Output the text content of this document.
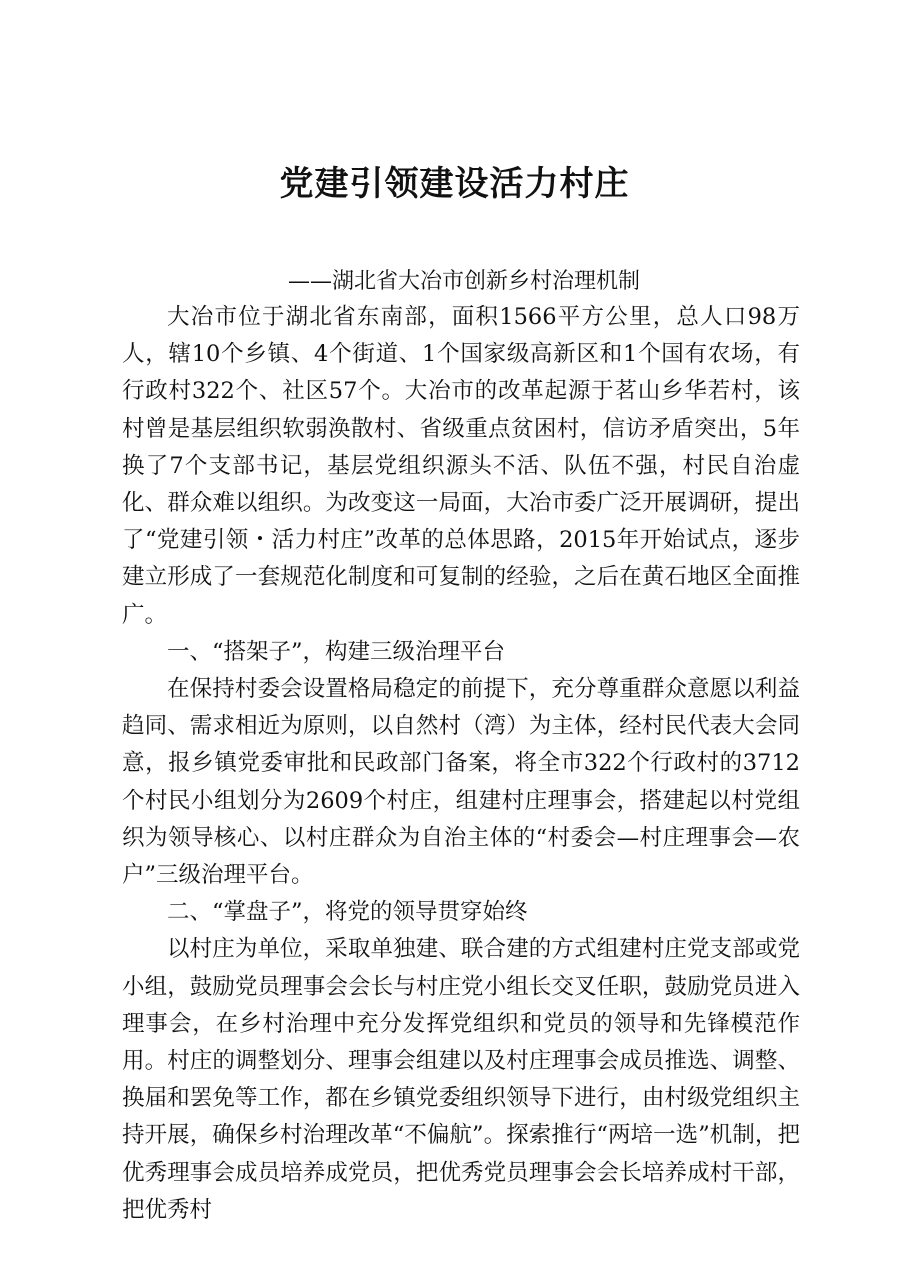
党建引领建设活力村庄

——湖北省大冶市创新乡村治理机制

大冶市位于湖北省东南部，面积1566平方公里，总人口98万人，辖10个乡镇、4个街道、1个国家级高新区和1个国有农场，有行政村322个、社区57个。大冶市的改革起源于茗山乡华若村，该村曾是基层组织软弱涣散村、省级重点贫困村，信访矛盾突出，5年换了7个支部书记，基层党组织源头不活、队伍不强，村民自治虚化、群众难以组织。为改变这一局面，大冶市委广泛开展调研，提出了“党建引领・活力村庄”改革的总体思路，2015年开始试点，逐步建立形成了一套规范化制度和可复制的经验，之后在黄石地区全面推广。

一、“搭架子”，构建三级治理平台

在保持村委会设置格局稳定的前提下，充分尊重群众意愿以利益趋同、需求相近为原则，以自然村（湾）为主体，经村民代表大会同意，报乡镇党委审批和民政部门备案，将全市322个行政村的3712个村民小组划分为2609个村庄，组建村庄理事会，搭建起以村党组织为领导核心、以村庄群众为自治主体的“村委会—村庄理事会—农户”三级治理平台。

二、“掌盘子”，将党的领导贯穿始终

以村庄为单位，采取单独建、联合建的方式组建村庄党支部或党小组，鼓励党员理事会会长与村庄党小组长交叉任职，鼓励党员进入理事会，在乡村治理中充分发挥党组织和党员的领导和先锋模范作用。村庄的调整划分、理事会组建以及村庄理事会成员推选、调整、换届和罢免等工作，都在乡镇党委组织领导下进行，由村级党组织主持开展，确保乡村治理改革“不偏航”。探索推行“两培一选”机制，把优秀理事会成员培养成党员，把优秀党员理事会会长培养成村干部，把优秀村
